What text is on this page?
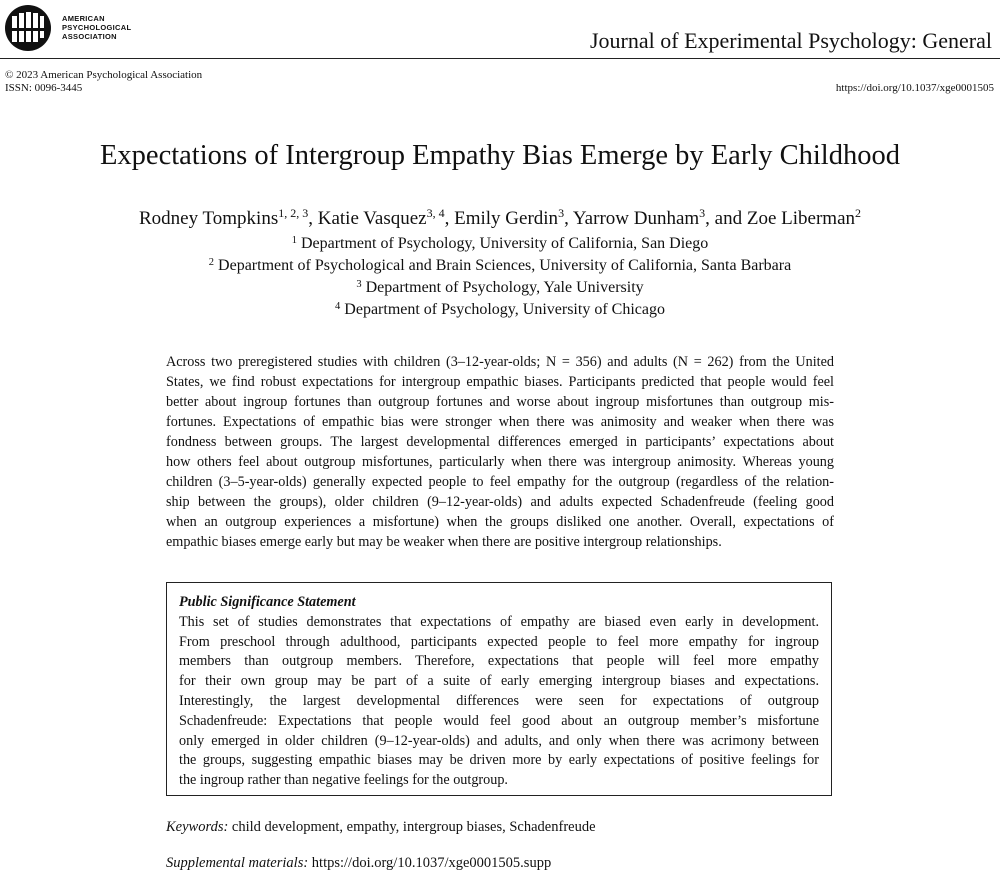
AMERICAN
PSYCHOLOGICAL
ASSOCIATION	Journal of Experimental Psychology: General
© 2023 American Psychological Association
ISSN: 0096-3445	https://doi.org/10.1037/xge0001505
Expectations of Intergroup Empathy Bias Emerge by Early Childhood
Rodney Tompkins$^{1, 2, 3}$, Katie Vasquez$^{3, 4}$, Emily Gerdin$^3$, Yarrow Dunham$^3$, and Zoe Liberman$^2$
$^1$ Department of Psychology, University of California, San Diego
$^2$ Department of Psychological and Brain Sciences, University of California, Santa Barbara
$^3$ Department of Psychology, Yale University
$^4$ Department of Psychology, University of Chicago
Across two preregistered studies with children (3–12-year-olds; N = 356) and adults (N = 262) from the United
States, we find robust expectations for intergroup empathic biases. Participants predicted that people would feel
better about ingroup fortunes than outgroup fortunes and worse about ingroup misfortunes than outgroup mis-
fortunes. Expectations of empathic bias were stronger when there was animosity and weaker when there was
fondness between groups. The largest developmental differences emerged in participants’ expectations about
how others feel about outgroup misfortunes, particularly when there was intergroup animosity. Whereas young
children (3–5-year-olds) generally expected people to feel empathy for the outgroup (regardless of the relation-
ship between the groups), older children (9–12-year-olds) and adults expected Schadenfreude (feeling good
when an outgroup experiences a misfortune) when the groups disliked one another. Overall, expectations of
empathic biases emerge early but may be weaker when there are positive intergroup relationships.
Public Significance Statement
This set of studies demonstrates that expectations of empathy are biased even early in development.
From preschool through adulthood, participants expected people to feel more empathy for ingroup
members than outgroup members. Therefore, expectations that people will feel more empathy
for their own group may be part of a suite of early emerging intergroup biases and expectations.
Interestingly, the largest developmental differences were seen for expectations of outgroup
Schadenfreude: Expectations that people would feel good about an outgroup member’s misfortune
only emerged in older children (9–12-year-olds) and adults, and only when there was acrimony between
the groups, suggesting empathic biases may be driven more by early expectations of positive feelings for
the ingroup rather than negative feelings for the outgroup.
Keywords: child development, empathy, intergroup biases, Schadenfreude
Supplemental materials: https://doi.org/10.1037/xge0001505.supp
